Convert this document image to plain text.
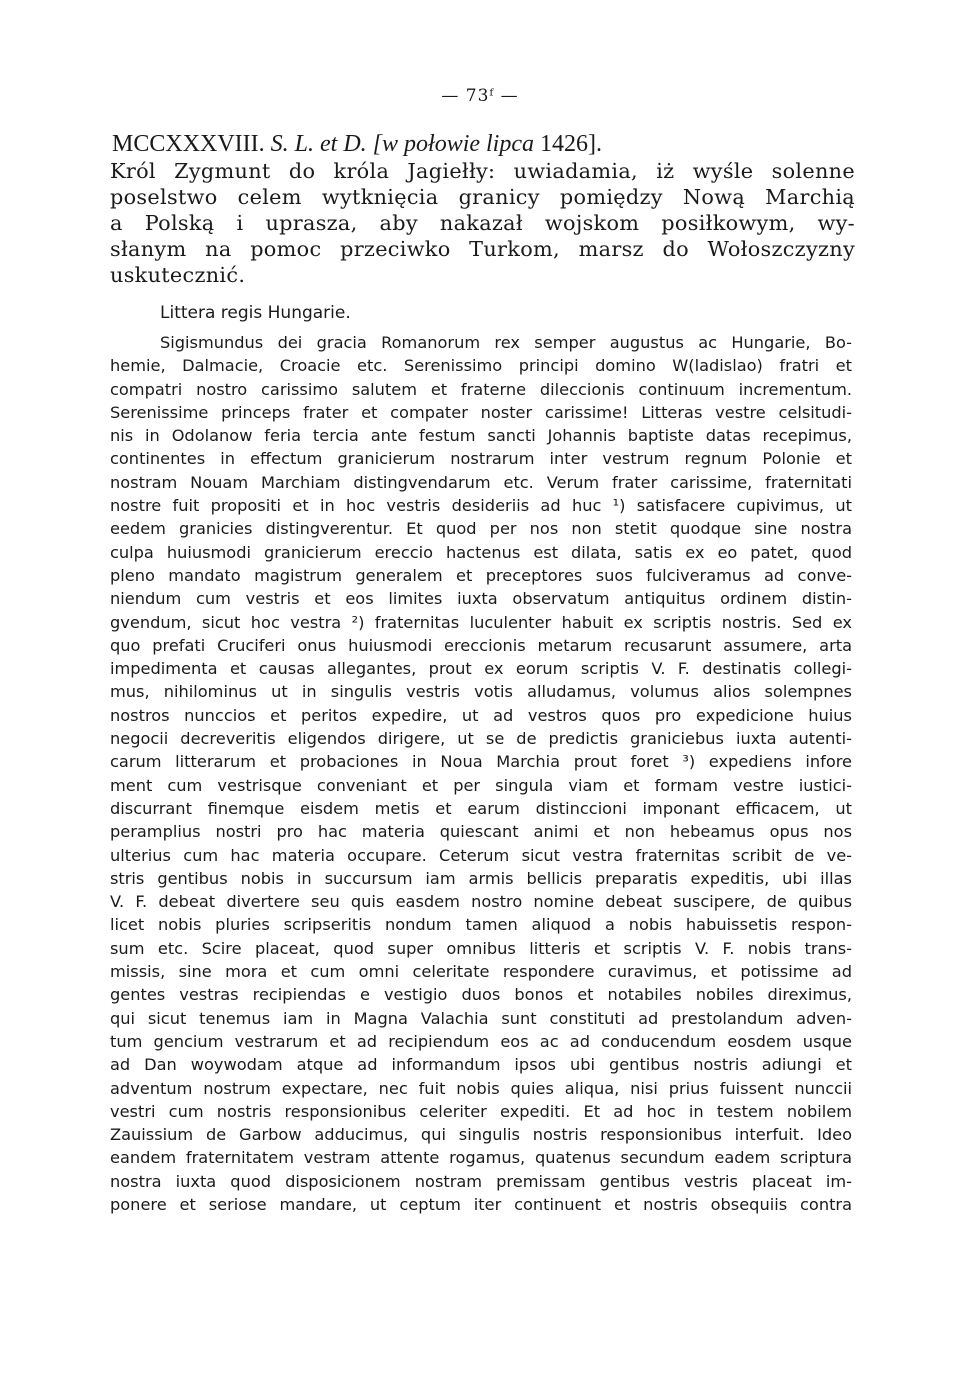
— 73ᶠ —
MCCXXXVIII. S. L. et D. [w połowie lipca 1426].
Król Zygmunt do króla Jagiełły: uwiadamia, iż wyśle solenne
poselstwo celem wytknięcia granicy pomiędzy Nową Marchią
a Polską i uprasza, aby nakazał wojskom posiłkowym, wy-
słanym na pomoc przeciwko Turkom, marsz do Wołoszczyzny
uskutecznić.
Littera regis Hungarie.
Sigismundus dei gracia Romanorum rex semper augustus ac Hungarie, Bo-
hemie, Dalmacie, Croacie etc. Serenissimo principi domino W(ladislao) fratri et
compatri nostro carissimo salutem et fraterne dileccionis continuum incrementum.
Serenissime princeps frater et compater noster carissime! Litteras vestre celsitudi-
nis in Odolanow feria tercia ante festum sancti Johannis baptiste datas recepimus,
continentes in effectum granicierum nostrarum inter vestrum regnum Polonie et
nostram Nouam Marchiam distingvendarum etc. Verum frater carissime, fraternitati
nostre fuit propositi et in hoc vestris desideriis ad huc ¹) satisfacere cupivimus, ut
eedem granicies distingverentur. Et quod per nos non stetit quodque sine nostra
culpa huiusmodi granicierum ereccio hactenus est dilata, satis ex eo patet, quod
pleno mandato magistrum generalem et preceptores suos fulciveramus ad conve-
niendum cum vestris et eos limites iuxta observatum antiquitus ordinem distin-
gvendum, sicut hoc vestra ²) fraternitas luculenter habuit ex scriptis nostris. Sed ex
quo prefati Cruciferi onus huiusmodi ereccionis metarum recusarunt assumere, arta
impedimenta et causas allegantes, prout ex eorum scriptis V. F. destinatis collegi-
mus, nihilominus ut in singulis vestris votis alludamus, volumus alios solempnes
nostros nunccios et peritos expedire, ut ad vestros quos pro expedicione huius
negocii decreveritis eligendos dirigere, ut se de predictis graniciebus iuxta autenti-
carum litterarum et probaciones in Noua Marchia prout foret ³) expediens infore
ment cum vestrisque conveniant et per singula viam et formam vestre iustici-
discurrant finemque eisdem metis et earum distinccioni imponant efficacem, ut
peramplius nostri pro hac materia quiescant animi et non hebeamus opus nos
ulterius cum hac materia occupare. Ceterum sicut vestra fraternitas scribit de ve-
stris gentibus nobis in succursum iam armis bellicis preparatis expeditis, ubi illas
V. F. debeat divertere seu quis easdem nostro nomine debeat suscipere, de quibus
licet nobis pluries scripseritis nondum tamen aliquod a nobis habuissetis respon-
sum etc. Scire placeat, quod super omnibus litteris et scriptis V. F. nobis trans-
missis, sine mora et cum omni celeritate respondere curavimus, et potissime ad
gentes vestras recipiendas e vestigio duos bonos et notabiles nobiles direximus,
qui sicut tenemus iam in Magna Valachia sunt constituti ad prestolandum adven-
tum gencium vestrarum et ad recipiendum eos ac ad conducendum eosdem usque
ad Dan woywodam atque ad informandum ipsos ubi gentibus nostris adiungi et
adventum nostrum expectare, nec fuit nobis quies aliqua, nisi prius fuissent nunccii
vestri cum nostris responsionibus celeriter expediti. Et ad hoc in testem nobilem
Zauissium de Garbow adducimus, qui singulis nostris responsionibus interfuit. Ideo
eandem fraternitatem vestram attente rogamus, quatenus secundum eadem scriptura
nostra iuxta quod disposicionem nostram premissam gentibus vestris placeat im-
ponere et seriose mandare, ut ceptum iter continuent et nostris obsequiis contra
